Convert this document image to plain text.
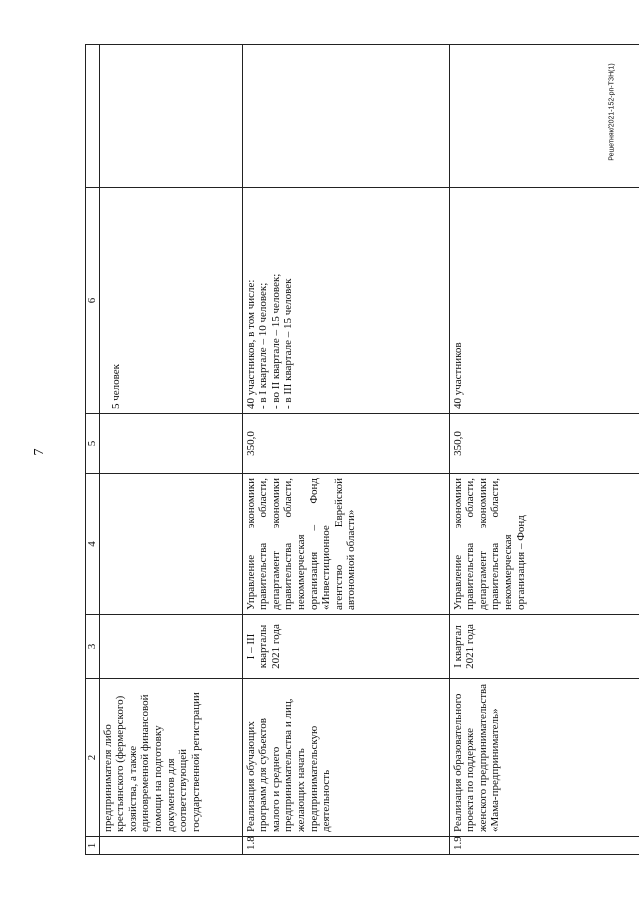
7
Решетняк/2021-152-рп-ТЗН(1)
1	2	3	4	5	6	
	предпринимателя либо крестьянского (фермерского) хозяйства, а также единовременной финансовой помощи на подготовку документов для соответствующей государственной регистрации				5 человек	

1.8	Реализация обучающих программ для субъектов малого и среднего предпринимательства и лиц, желающих начать предпринимательскую деятельность	I – III кварталы 2021 года	Управление экономики правительства области, департамент экономики правительства области, некоммерческая организация – Фонд «Инвестиционное агентство Еврейской автономной области»	350,0	40 участников, в том числе: - в I квартале – 10 человек; - во II квартале – 15 человек; - в III квартале – 15 человек	

1.9	Реализация образовательного проекта по поддержке женского предпринимательства «Мама-предприниматель»	I квартал 2021 года	Управление экономики правительства области, департамент экономики правительства области, некоммерческая организация – Фонд	350,0	40 участников	
